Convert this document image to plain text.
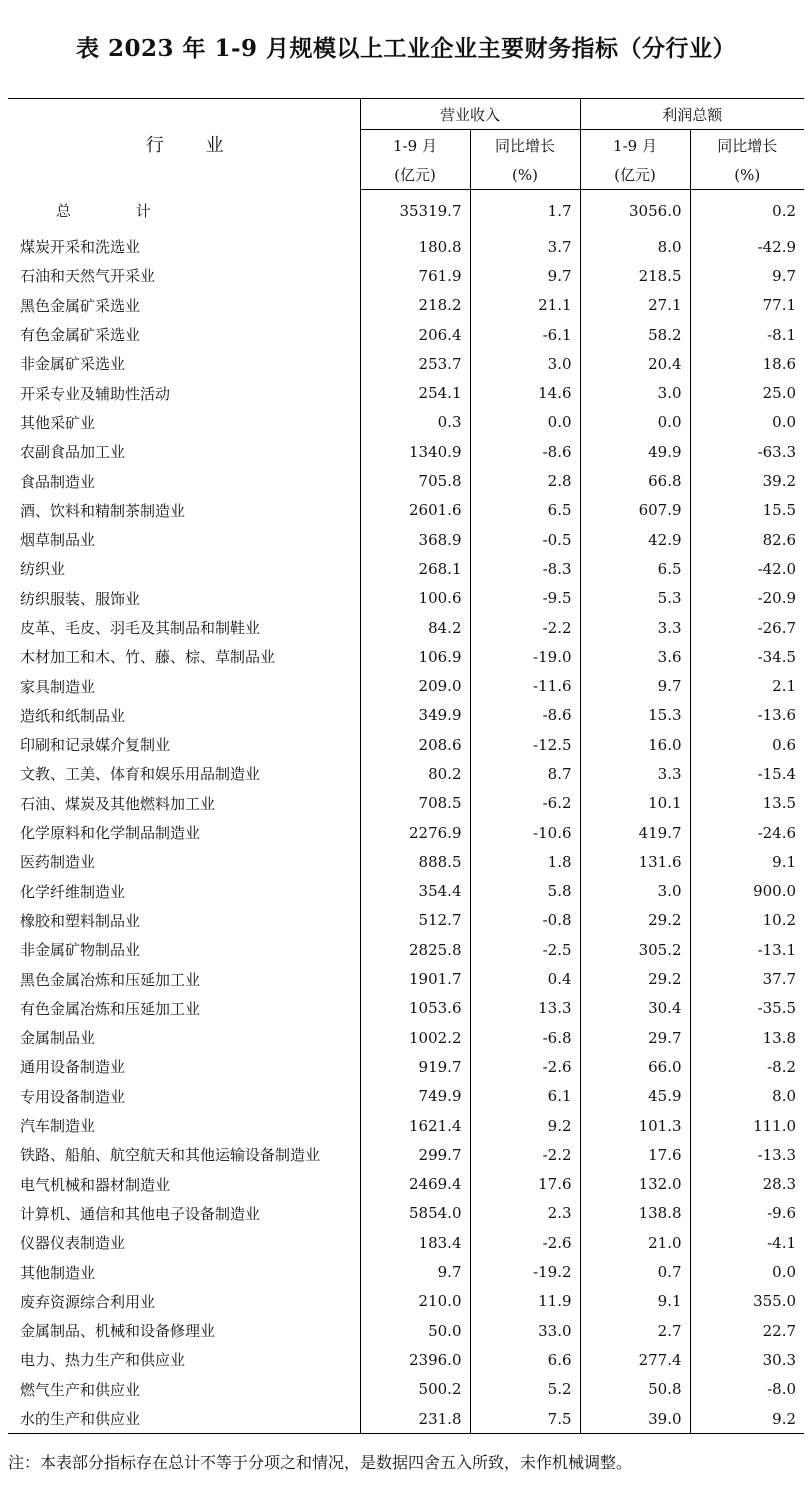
表 2023 年 1-9 月规模以上工业企业主要财务指标（分行业）
行 业	营业收入		利润总额	
	1-9 月	同比增长	1-9 月	同比增长
	(亿元)	(%)	(亿元)	(%)
总 计	35319.7	1.7	3056.0	0.2
煤炭开采和洗选业	180.8	3.7	8.0	-42.9
石油和天然气开采业	761.9	9.7	218.5	9.7
黑色金属矿采选业	218.2	21.1	27.1	77.1
有色金属矿采选业	206.4	-6.1	58.2	-8.1
非金属矿采选业	253.7	3.0	20.4	18.6
开采专业及辅助性活动	254.1	14.6	3.0	25.0
其他采矿业	0.3	0.0	0.0	0.0
农副食品加工业	1340.9	-8.6	49.9	-63.3
食品制造业	705.8	2.8	66.8	39.2
酒、饮料和精制茶制造业	2601.6	6.5	607.9	15.5
烟草制品业	368.9	-0.5	42.9	82.6
纺织业	268.1	-8.3	6.5	-42.0
纺织服装、服饰业	100.6	-9.5	5.3	-20.9
皮革、毛皮、羽毛及其制品和制鞋业	84.2	-2.2	3.3	-26.7
木材加工和木、竹、藤、棕、草制品业	106.9	-19.0	3.6	-34.5
家具制造业	209.0	-11.6	9.7	2.1
造纸和纸制品业	349.9	-8.6	15.3	-13.6
印刷和记录媒介复制业	208.6	-12.5	16.0	0.6
文教、工美、体育和娱乐用品制造业	80.2	8.7	3.3	-15.4
石油、煤炭及其他燃料加工业	708.5	-6.2	10.1	13.5
化学原料和化学制品制造业	2276.9	-10.6	419.7	-24.6
医药制造业	888.5	1.8	131.6	9.1
化学纤维制造业	354.4	5.8	3.0	900.0
橡胶和塑料制品业	512.7	-0.8	29.2	10.2
非金属矿物制品业	2825.8	-2.5	305.2	-13.1
黑色金属冶炼和压延加工业	1901.7	0.4	29.2	37.7
有色金属冶炼和压延加工业	1053.6	13.3	30.4	-35.5
金属制品业	1002.2	-6.8	29.7	13.8
通用设备制造业	919.7	-2.6	66.0	-8.2
专用设备制造业	749.9	6.1	45.9	8.0
汽车制造业	1621.4	9.2	101.3	111.0
铁路、船舶、航空航天和其他运输设备制造业	299.7	-2.2	17.6	-13.3
电气机械和器材制造业	2469.4	17.6	132.0	28.3
计算机、通信和其他电子设备制造业	5854.0	2.3	138.8	-9.6
仪器仪表制造业	183.4	-2.6	21.0	-4.1
其他制造业	9.7	-19.2	0.7	0.0
废弃资源综合利用业	210.0	11.9	9.1	355.0
金属制品、机械和设备修理业	50.0	33.0	2.7	22.7
电力、热力生产和供应业	2396.0	6.6	277.4	30.3
燃气生产和供应业	500.2	5.2	50.8	-8.0
水的生产和供应业	231.8	7.5	39.0	9.2
注：本表部分指标存在总计不等于分项之和情况，是数据四舍五入所致，未作机械调整。
